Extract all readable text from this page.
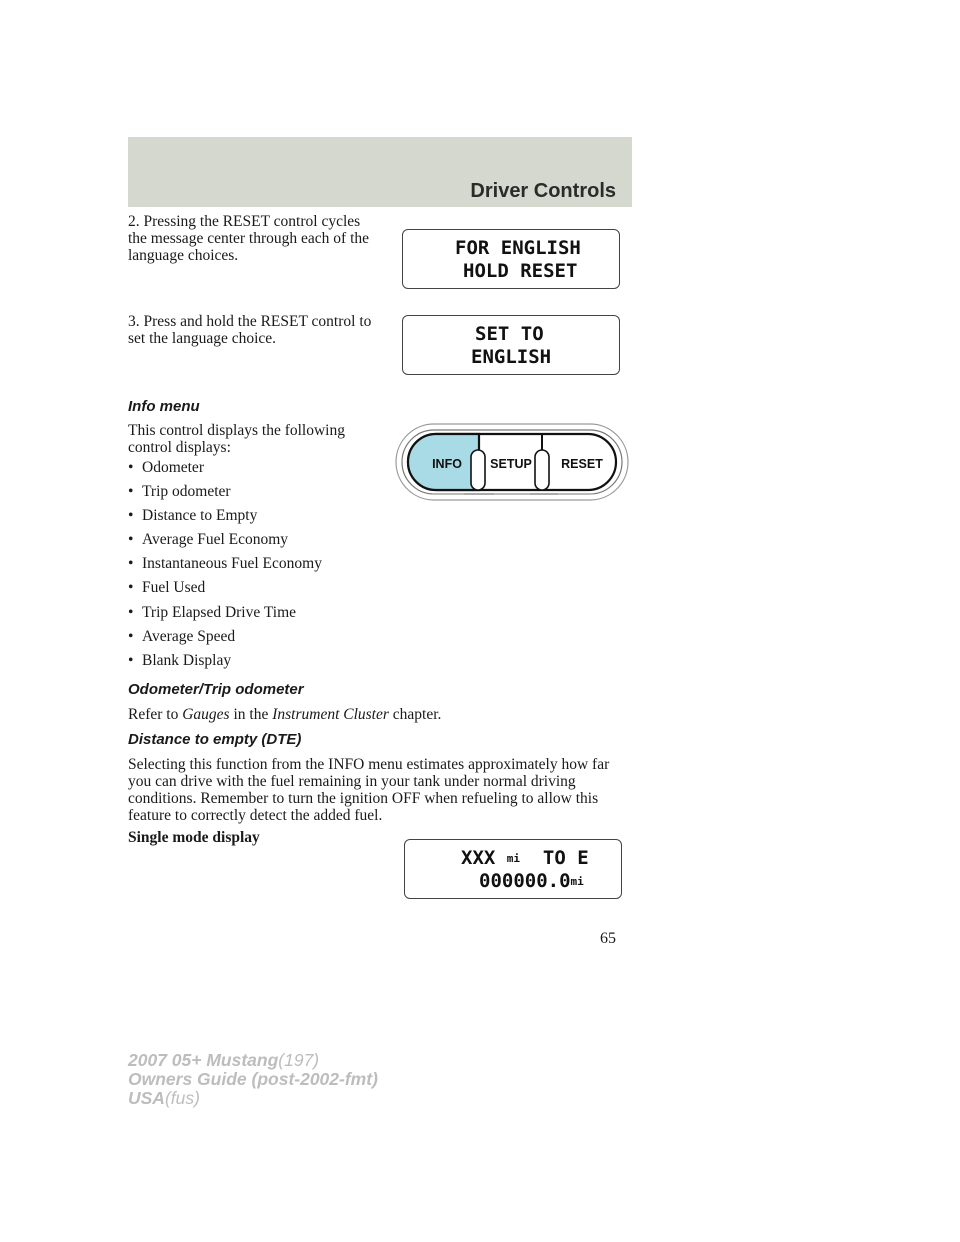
Driver Controls

2. Pressing the RESET control cycles the message center through each of the language choices.	FOR ENGLISH
HOLD RESET

3. Press and hold the RESET control to set the language choice.	SET TO
ENGLISH
Info menu

This control displays the following control displays:

• Odometer
• Trip odometer
• Distance to Empty
• Average Fuel Economy
• Instantaneous Fuel Economy
• Fuel Used
• Trip Elapsed Drive Time
• Average Speed
• Blank Display
INFO SETUP RESET
Odometer/Trip odometer

Refer to Gauges in the Instrument Cluster chapter.

Distance to empty (DTE)

Selecting this function from the INFO menu estimates approximately how far you can drive with the fuel remaining in your tank under normal driving conditions. Remember to turn the ignition OFF when refueling to allow this feature to correctly detect the added fuel.

Single mode display

XXX mi TO E
000000.0mi
65
2007 05+ Mustang(197)
Owners Guide (post-2002-fmt)
USA(fus)
